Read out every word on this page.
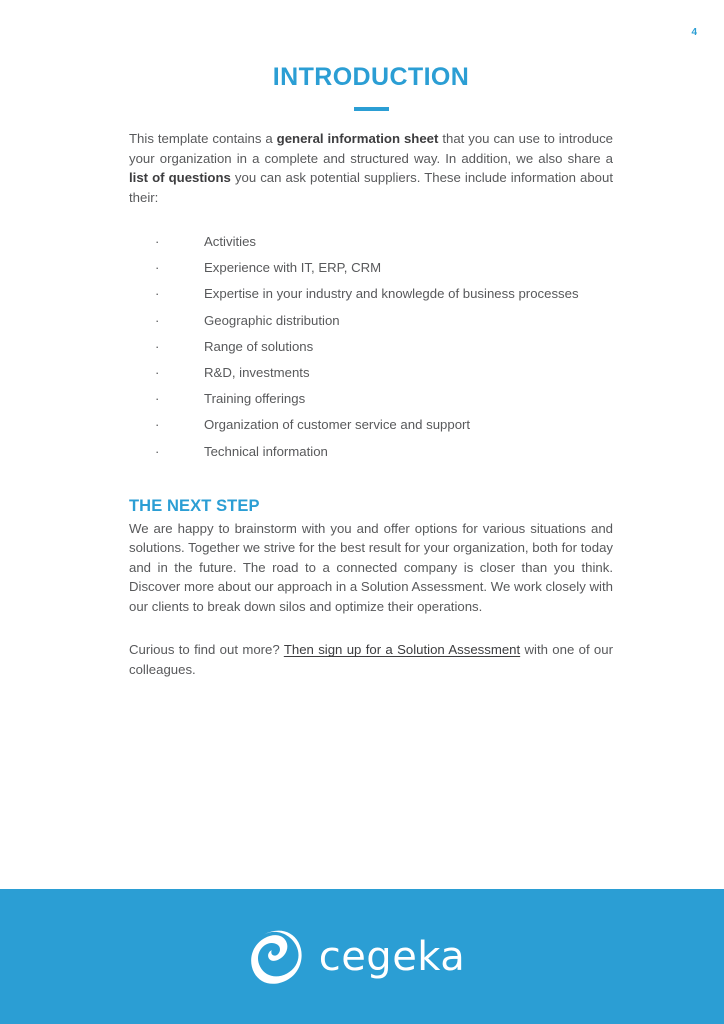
4
INTRODUCTION

This template contains a general information sheet that you can use to introduce your organization in a complete and structured way. In addition, we also share a list of questions you can ask potential suppliers. These include information about their:

·	Activities
·	Experience with IT, ERP, CRM
·	Expertise in your industry and knowlegde of business processes
·	Geographic distribution
·	Range of solutions
·	R&D, investments
·	Training offerings
·	Organization of customer service and support
·	Technical information
THE NEXT STEP

We are happy to brainstorm with you and offer options for various situations and solutions. Together we strive for the best result for your organization, both for today and in the future. The road to a connected company is closer than you think. Discover more about our approach in a Solution Assessment. We work closely with our clients to break down silos and optimize their operations.

Curious to find out more? Then sign up for a Solution Assessment with one of our colleagues.

cegeka
